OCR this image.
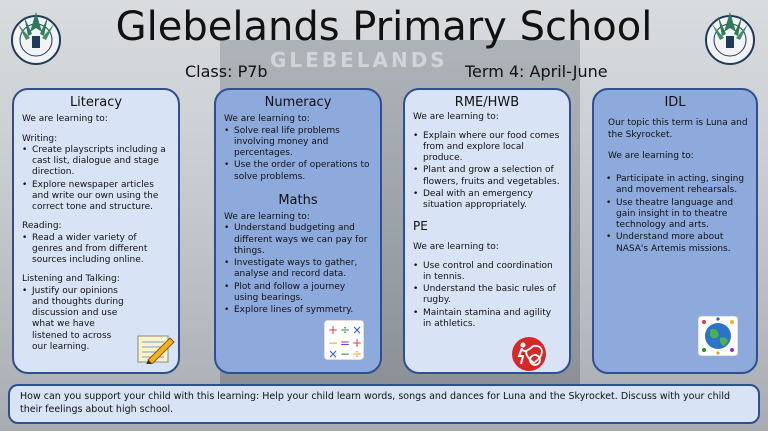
GLEBELANDS
Glebelands Primary School
Class: P7b	Term 4: April-June
Literacy
We are learning to:
Writing:
• Create playscripts including a cast list, dialogue and stage direction.
• Explore newspaper articles and write our own using the correct tone and structure.
Reading:
• Read a wider variety of genres and from different sources including online.
Listening and Talking:
• Justify our opinions and thoughts during discussion and use what we have listened to across our learning.
Numeracy
We are learning to:
• Solve real life problems involving money and percentages.
• Use the order of operations to solve problems.
Maths
We are learning to:
• Understand budgeting and different ways we can pay for things.
• Investigate ways to gather, analyse and record data.
• Plot and follow a journey using bearings.
• Explore lines of symmetry.
+ ÷ ×
− = +
× − ÷
RME/HWB
We are learning to:
• Explain where our food comes from and explore local produce.
• Plant and grow a selection of flowers, fruits and vegetables.
• Deal with an emergency situation appropriately.
PE
We are learning to:
• Use control and coordination in tennis.
• Understand the basic rules of rugby.
• Maintain stamina and agility in athletics.
IDL
Our topic this term is Luna and the Skyrocket.
We are learning to:
• Participate in acting, singing and movement rehearsals.
• Use theatre language and gain insight in to theatre technology and arts.
• Understand more about NASA's Artemis missions.
How can you support your child with this learning: Help your child learn words, songs and dances for Luna and the Skyrocket. Discuss with your child their feelings about high school.
